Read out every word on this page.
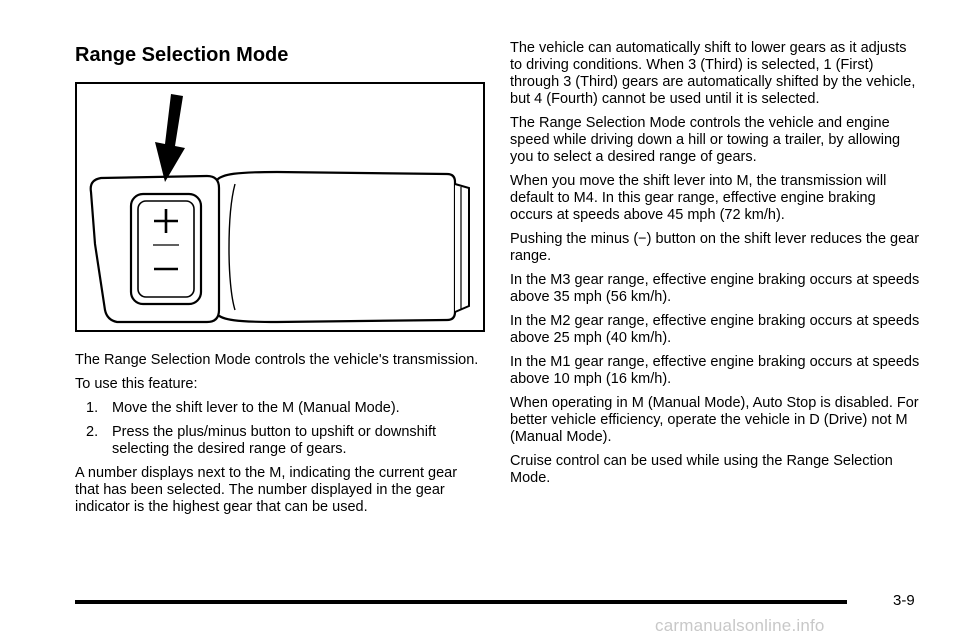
Range Selection Mode

The Range Selection Mode controls the vehicle's transmission.

To use this feature:

1. Move the shift lever to the M (Manual Mode).
2. Press the plus/minus button to upshift or downshift selecting the desired range of gears.

A number displays next to the M, indicating the current gear that has been selected. The number displayed in the gear indicator is the highest gear that can be used.

The vehicle can automatically shift to lower gears as it adjusts to driving conditions. When 3 (Third) is selected, 1 (First) through 3 (Third) gears are automatically shifted by the vehicle, but 4 (Fourth) cannot be used until it is selected.

The Range Selection Mode controls the vehicle and engine speed while driving down a hill or towing a trailer, by allowing you to select a desired range of gears.

When you move the shift lever into M, the transmission will default to M4. In this gear range, effective engine braking occurs at speeds above 45 mph (72 km/h).

Pushing the minus (−) button on the shift lever reduces the gear range.

In the M3 gear range, effective engine braking occurs at speeds above 35 mph (56 km/h).

In the M2 gear range, effective engine braking occurs at speeds above 25 mph (40 km/h).

In the M1 gear range, effective engine braking occurs at speeds above 10 mph (16 km/h).

When operating in M (Manual Mode), Auto Stop is disabled. For better vehicle efficiency, operate the vehicle in D (Drive) not M (Manual Mode).

Cruise control can be used while using the Range Selection Mode.

3-9
carmanualsonline.info
